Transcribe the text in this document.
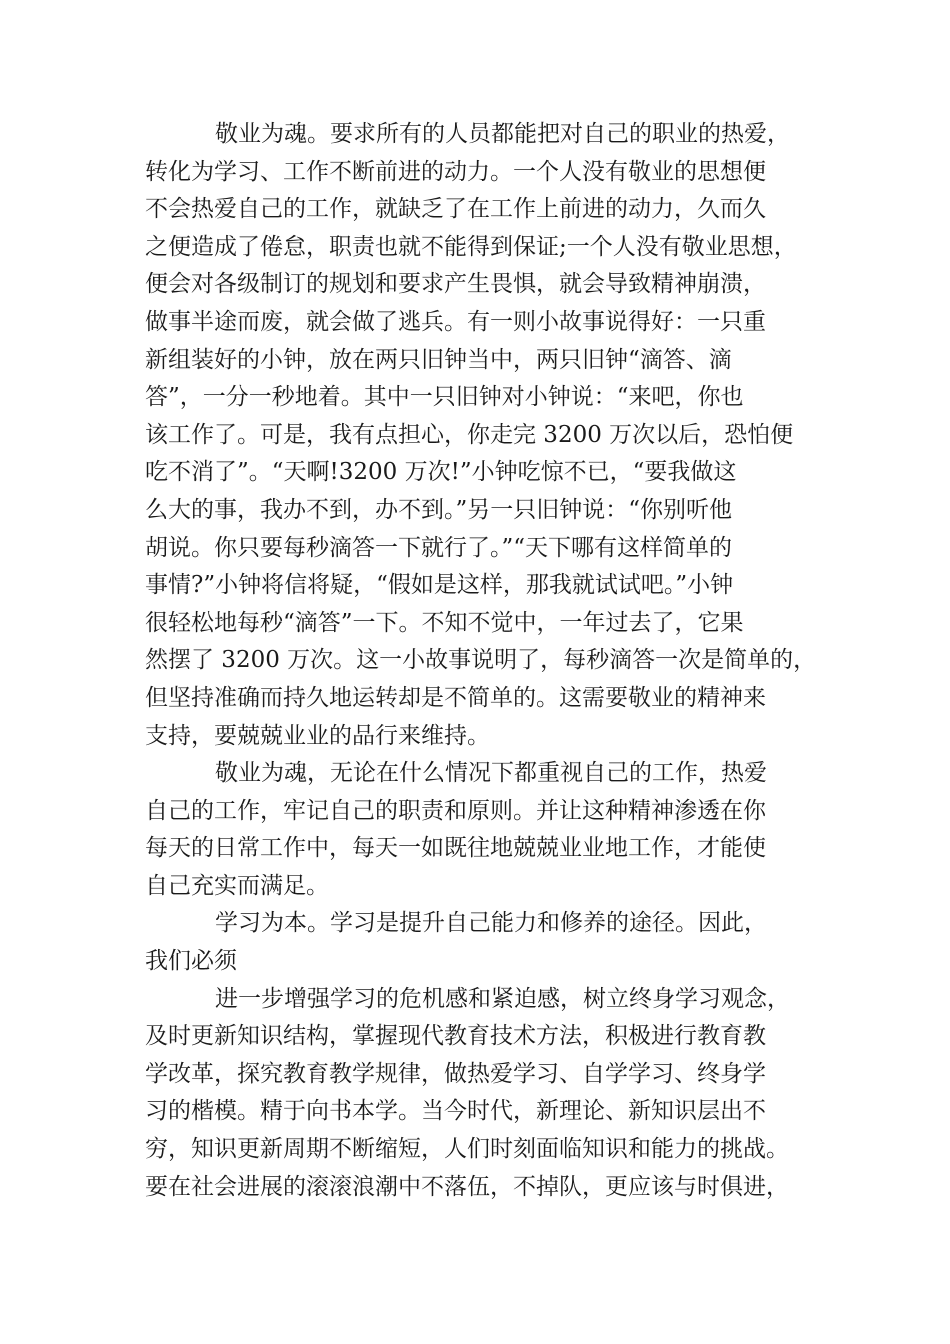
敬业为魂。要求所有的人员都能把对自己的职业的热爱，
转化为学习、工作不断前进的动力。一个人没有敬业的思想便
不会热爱自己的工作，就缺乏了在工作上前进的动力，久而久
之便造成了倦怠，职责也就不能得到保证;一个人没有敬业思想，
便会对各级制订的规划和要求产生畏惧，就会导致精神崩溃，
做事半途而废，就会做了逃兵。有一则小故事说得好：一只重
新组装好的小钟，放在两只旧钟当中，两只旧钟“滴答、滴
答”，一分一秒地着。其中一只旧钟对小钟说：“来吧，你也
该工作了。可是，我有点担心，你走完 3200 万次以后，恐怕便
吃不消了”。“天啊!3200 万次!”小钟吃惊不已，“要我做这
么大的事，我办不到，办不到。”另一只旧钟说：“你别听他
胡说。你只要每秒滴答一下就行了。”“天下哪有这样简单的
事情?”小钟将信将疑，“假如是这样，那我就试试吧。”小钟
很轻松地每秒“滴答”一下。不知不觉中，一年过去了，它果
然摆了 3200 万次。这一小故事说明了，每秒滴答一次是简单的，
但坚持准确而持久地运转却是不简单的。这需要敬业的精神来
支持，要兢兢业业的品行来维持。
敬业为魂，无论在什么情况下都重视自己的工作，热爱
自己的工作，牢记自己的职责和原则。并让这种精神渗透在你
每天的日常工作中，每天一如既往地兢兢业业地工作，才能使
自己充实而满足。
学习为本。学习是提升自己能力和修养的途径。因此，
我们必须
进一步增强学习的危机感和紧迫感，树立终身学习观念，
及时更新知识结构，掌握现代教育技术方法，积极进行教育教
学改革，探究教育教学规律，做热爱学习、自学学习、终身学
习的楷模。精于向书本学。当今时代，新理论、新知识层出不
穷，知识更新周期不断缩短，人们时刻面临知识和能力的挑战。
要在社会进展的滚滚浪潮中不落伍，不掉队，更应该与时俱进，
